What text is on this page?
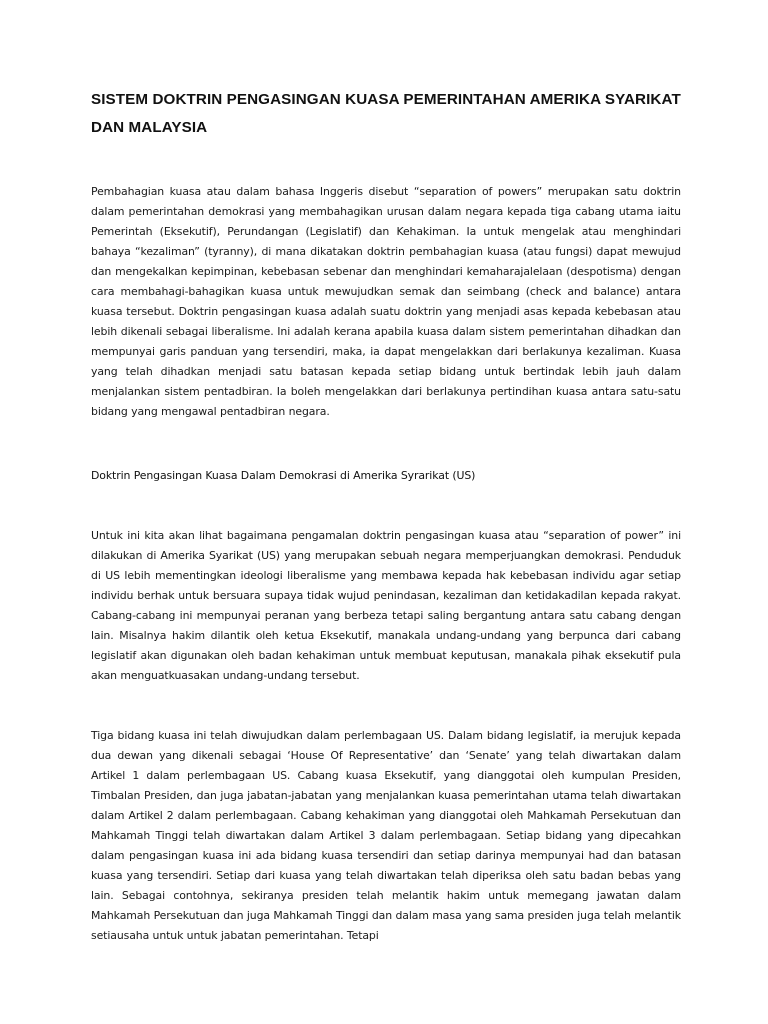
SISTEM DOKTRIN PENGASINGAN KUASA PEMERINTAHAN AMERIKA SYARIKAT DAN MALAYSIA

Pembahagian kuasa atau dalam bahasa Inggeris disebut “separation of powers” merupakan satu doktrin dalam pemerintahan demokrasi yang membahagikan urusan dalam negara kepada tiga cabang utama iaitu Pemerintah (Eksekutif), Perundangan (Legislatif) dan Kehakiman. Ia untuk mengelak atau menghindari bahaya “kezaliman” (tyranny), di mana dikatakan doktrin pembahagian kuasa (atau fungsi) dapat mewujud dan mengekalkan kepimpinan, kebebasan sebenar dan menghindari kemaharajalelaan (despotisma) dengan cara membahagi-bahagikan kuasa untuk mewujudkan semak dan seimbang (check and balance) antara kuasa tersebut. Doktrin pengasingan kuasa adalah suatu doktrin yang menjadi asas kepada kebebasan atau lebih dikenali sebagai liberalisme. Ini adalah kerana apabila kuasa dalam sistem pemerintahan dihadkan dan mempunyai garis panduan yang tersendiri, maka, ia dapat mengelakkan dari berlakunya kezaliman. Kuasa yang telah dihadkan menjadi satu batasan kepada setiap bidang untuk bertindak lebih jauh dalam menjalankan sistem pentadbiran. Ia boleh mengelakkan dari berlakunya pertindihan kuasa antara satu-satu bidang yang mengawal pentadbiran negara.

Doktrin Pengasingan Kuasa Dalam Demokrasi di Amerika Syrarikat (US)

Untuk ini kita akan lihat bagaimana pengamalan doktrin pengasingan kuasa atau “separation of power” ini dilakukan di Amerika Syarikat (US) yang merupakan sebuah negara memperjuangkan demokrasi. Penduduk di US lebih mementingkan ideologi liberalisme yang membawa kepada hak kebebasan individu agar setiap individu berhak untuk bersuara supaya tidak wujud penindasan, kezaliman dan ketidakadilan kepada rakyat. Cabang-cabang ini mempunyai peranan yang berbeza tetapi saling bergantung antara satu cabang dengan lain. Misalnya hakim dilantik oleh ketua Eksekutif, manakala undang-undang yang berpunca dari cabang legislatif akan digunakan oleh badan kehakiman untuk membuat keputusan, manakala pihak eksekutif pula akan menguatkuasakan undang-undang tersebut.

Tiga bidang kuasa ini telah diwujudkan dalam perlembagaan US. Dalam bidang legislatif, ia merujuk kepada dua dewan yang dikenali sebagai ‘House Of Representative’ dan ‘Senate’ yang telah diwartakan dalam Artikel 1 dalam perlembagaan US. Cabang kuasa Eksekutif, yang dianggotai oleh kumpulan Presiden, Timbalan Presiden, dan juga jabatan-jabatan yang menjalankan kuasa pemerintahan utama telah diwartakan dalam Artikel 2 dalam perlembagaan. Cabang kehakiman yang dianggotai oleh Mahkamah Persekutuan dan Mahkamah Tinggi telah diwartakan dalam Artikel 3 dalam perlembagaan. Setiap bidang yang dipecahkan dalam pengasingan kuasa ini ada bidang kuasa tersendiri dan setiap darinya mempunyai had dan batasan kuasa yang tersendiri. Setiap dari kuasa yang telah diwartakan telah diperiksa oleh satu badan bebas yang lain. Sebagai contohnya, sekiranya presiden telah melantik hakim untuk memegang jawatan dalam Mahkamah Persekutuan dan juga Mahkamah Tinggi dan dalam masa yang sama presiden juga telah melantik setiausaha untuk untuk jabatan pemerintahan. Tetapi
